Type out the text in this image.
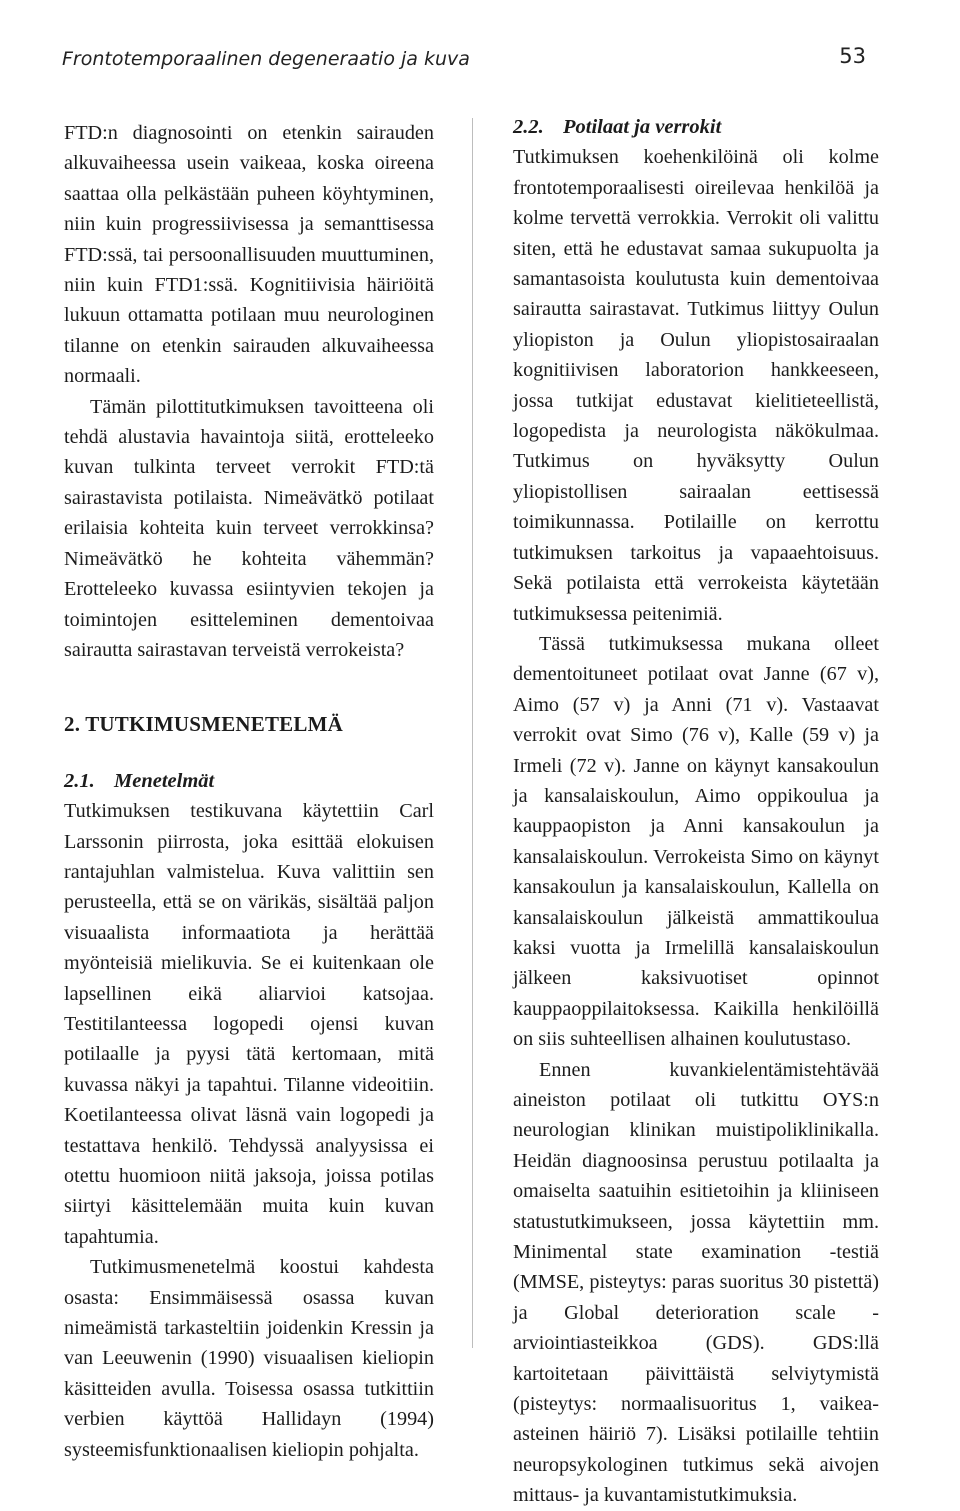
Frontotemporaalinen degeneraatio ja kuva	53

FTD:n diagnosointi on etenkin sairauden alkuvaiheessa usein vaikeaa, koska oireena saattaa olla pelkästään puheen köyhtyminen, niin kuin progressiivisessa ja semanttisessa FTD:ssä, tai persoonallisuuden muuttuminen, niin kuin FTD1:ssä. Kognitiivisia häiriöitä lukuun ottamatta potilaan muu neurologinen tilanne on etenkin sairauden alkuvaiheessa normaali.

Tämän pilottitutkimuksen tavoitteena oli tehdä alustavia havaintoja siitä, erotteleeko kuvan tulkinta terveet verrokit FTD:tä sairastavista potilaista. Nimeävätkö potilaat erilaisia kohteita kuin terveet verrokkinsa? Nimeävätkö he kohteita vähemmän? Erotteleeko kuvassa esiintyvien tekojen ja toimintojen esitteleminen dementoivaa sairautta sairastavan terveistä verrokeista?

2. TUTKIMUSMENETELMÄ
2.1. Menetelmät

Tutkimuksen testikuvana käytettiin Carl Larssonin piirrosta, joka esittää elokuisen rantajuhlan valmistelua. Kuva valittiin sen perusteella, että se on värikäs, sisältää paljon visuaalista informaatiota ja herättää myönteisiä mielikuvia. Se ei kuitenkaan ole lapsellinen eikä aliarvioi katsojaa. Testitilanteessa logopedi ojensi kuvan potilaalle ja pyysi tätä kertomaan, mitä kuvassa näkyi ja tapahtui. Tilanne videoitiin. Koetilanteessa olivat läsnä vain logopedi ja testattava henkilö. Tehdyssä analyysissa ei otettu huomioon niitä jaksoja, joissa potilas siirtyi käsittelemään muita kuin kuvan tapahtumia.

Tutkimusmenetelmä koostui kahdesta osasta: Ensimmäisessä osassa kuvan nimeämistä tarkasteltiin joidenkin Kressin ja van Leeuwenin (1990) visuaalisen kieliopin käsitteiden avulla. Toisessa osassa tutkittiin verbien käyttöä Hallidayn (1994) systeemisfunktionaalisen kieliopin pohjalta.

2.2. Potilaat ja verrokit

Tutkimuksen koehenkilöinä oli kolme frontotemporaalisesti oireilevaa henkilöä ja kolme tervettä verrokkia. Verrokit oli valittu siten, että he edustavat samaa sukupuolta ja samantasoista koulutusta kuin dementoivaa sairautta sairastavat. Tutkimus liittyy Oulun yliopiston ja Oulun yliopistosairaalan kognitiivisen laboratorion hankkeeseen, jossa tutkijat edustavat kielitieteellistä, logopedista ja neurologista näkökulmaa. Tutkimus on hyväksytty Oulun yliopistollisen sairaalan eettisessä toimikunnassa. Potilaille on kerrottu tutkimuksen tarkoitus ja vapaaehtoisuus. Sekä potilaista että verrokeista käytetään tutkimuksessa peitenimiä.

Tässä tutkimuksessa mukana olleet dementoituneet potilaat ovat Janne (67 v), Aimo (57 v) ja Anni (71 v). Vastaavat verrokit ovat Simo (76 v), Kalle (59 v) ja Irmeli (72 v). Janne on käynyt kansakoulun ja kansalaiskoulun, Aimo oppikoulua ja kauppaopiston ja Anni kansakoulun ja kansalaiskoulun. Verrokeista Simo on käynyt kansakoulun ja kansalaiskoulun, Kallella on kansalaiskoulun jälkeistä ammattikoulua kaksi vuotta ja Irmelillä kansalaiskoulun jälkeen kaksivuotiset opinnot kauppaoppilaitoksessa. Kaikilla henkilöillä on siis suhteellisen alhainen koulutustaso.

Ennen kuvankielentämistehtävää aineiston potilaat oli tutkittu OYS:n neurologian klinikan muistipoliklinikalla. Heidän diagnoosinsa perustuu potilaalta ja omaiselta saatuihin esitietoihin ja kliiniseen statustutkimukseen, jossa käytettiin mm. Minimental state examination -testiä (MMSE, pisteytys: paras suoritus 30 pistettä) ja Global deterioration scale -arviointiasteikkoa (GDS). GDS:llä kartoitetaan päivittäistä selviytymistä (pisteytys: normaalisuoritus 1, vaikea-asteinen häiriö 7). Lisäksi potilaille tehtiin neuropsykologinen tutkimus sekä aivojen mittaus- ja kuvantamistutkimuksia.
